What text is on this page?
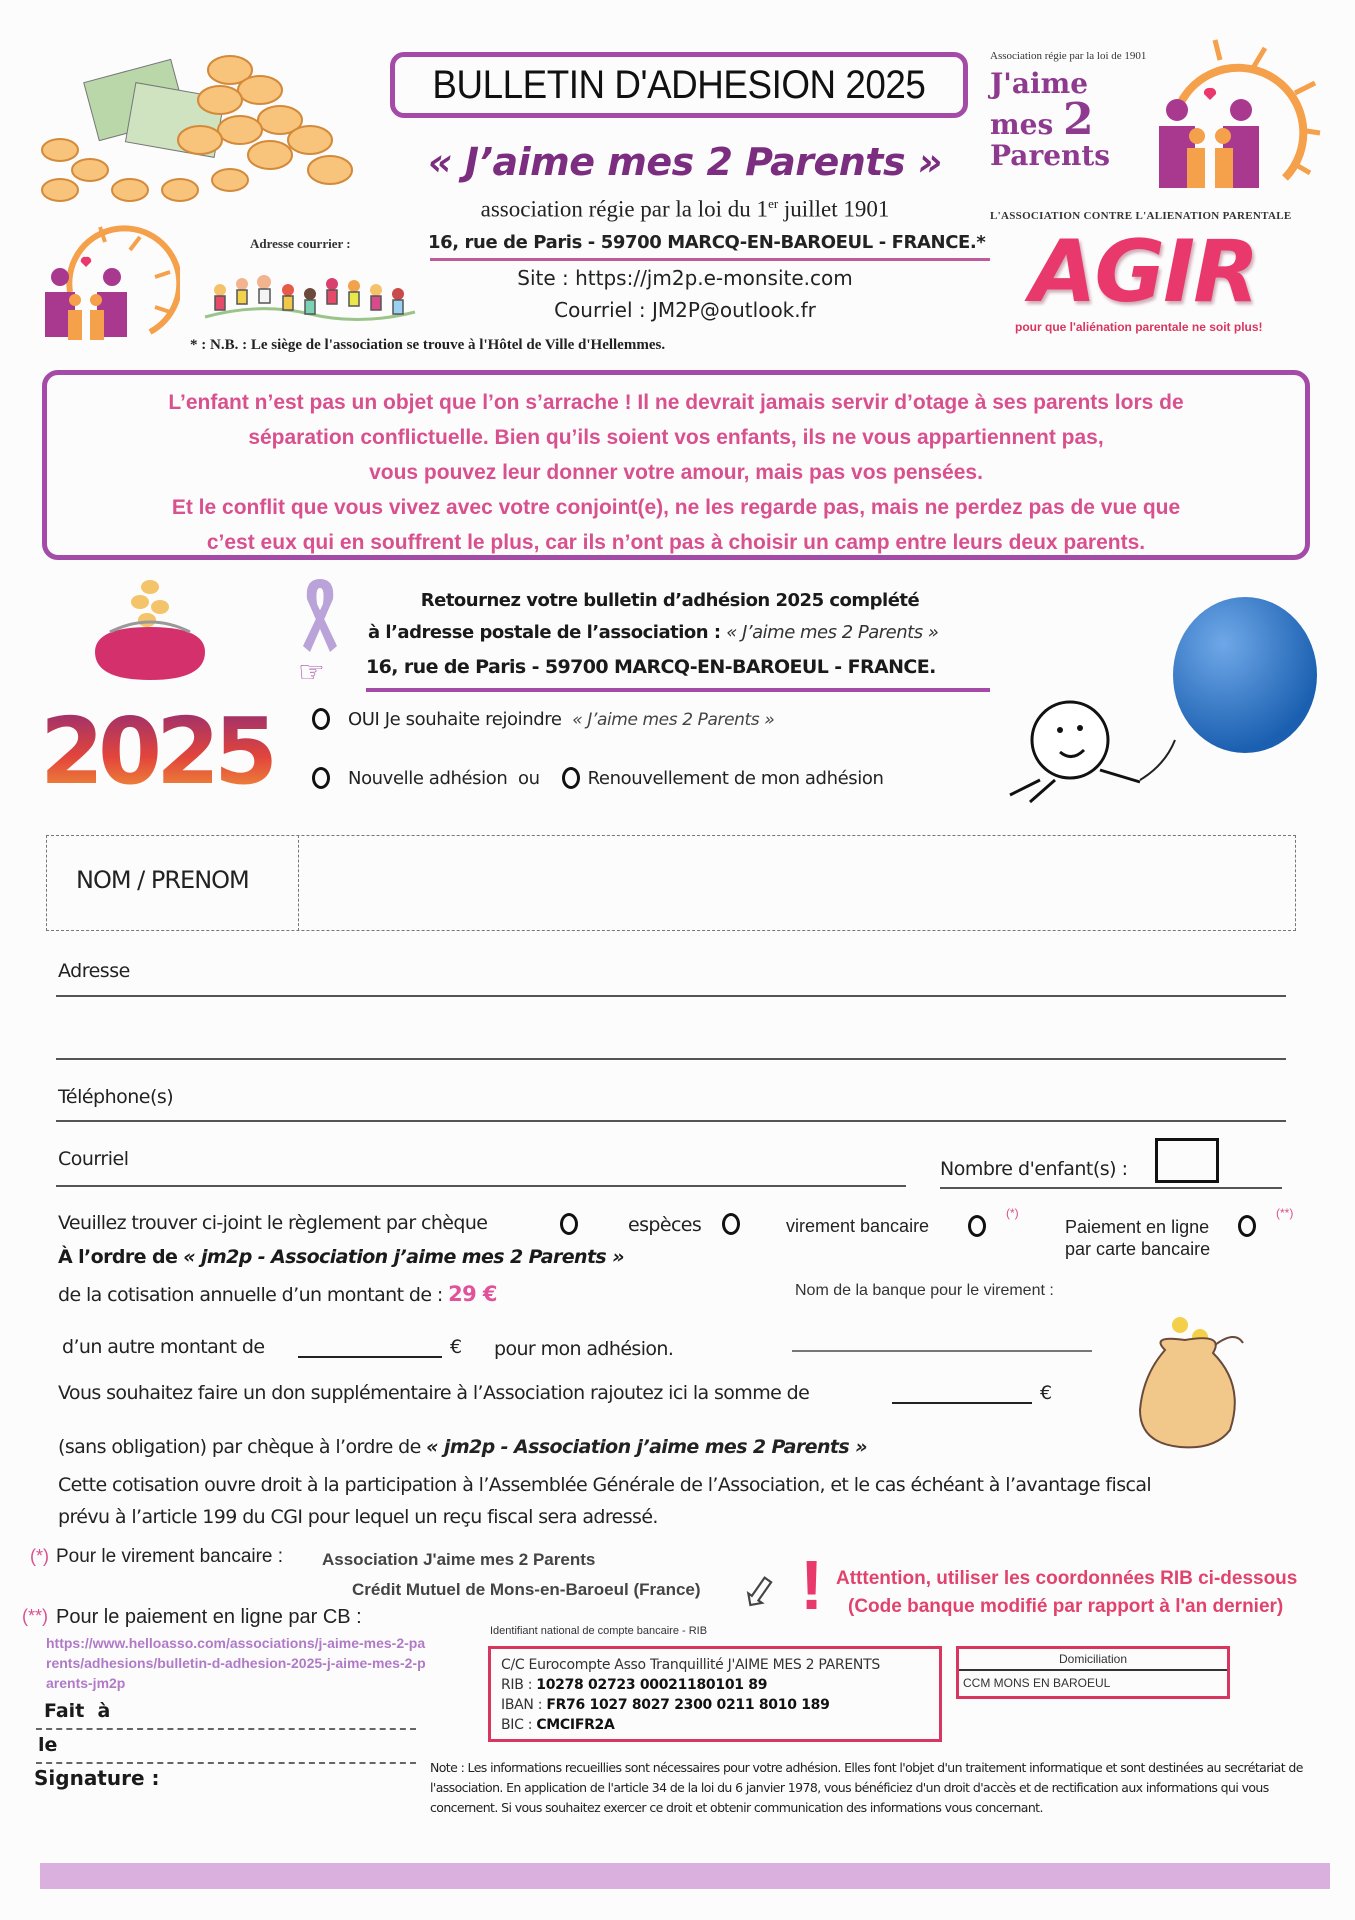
BULLETIN D'ADHESION 2025
« J’aime mes 2 Parents »
association régie par la loi du 1er juillet 1901
Adresse courrier :	16, rue de Paris - 59700 MARCQ-EN-BAROEUL - FRANCE.*
Site : https://jm2p.e-monsite.com
Courriel : JM2P@outlook.fr
* : N.B. : Le siège de l'association se trouve à l'Hôtel de Ville d'Hellemmes.
Association régie par la loi de 1901
J'aime
mes 2
Parents
L'ASSOCIATION CONTRE L'ALIENATION PARENTALE
AGIR
pour que l'aliénation parentale ne soit plus!

L’enfant n’est pas un objet que l’on s’arrache ! Il ne devrait jamais servir d’otage à ses parents lors de

séparation conflictuelle. Bien qu’ils soient vos enfants, ils ne vous appartiennent pas,

vous pouvez leur donner votre amour, mais pas vos pensées.

Et le conflit que vous vivez avec votre conjoint(e), ne les regarde pas, mais ne perdez pas de vue que

c’est eux qui en souffrent le plus, car ils n’ont pas à choisir un camp entre leurs deux parents.

Retournez votre bulletin d’adhésion 2025 complété
à l’adresse postale de l’association : « J’aime mes 2 Parents »
☞ 16, rue de Paris - 59700 MARCQ-EN-BAROEUL - FRANCE.
2025	OUI Je souhaite rejoindre « J’aime mes 2 Parents »
Nouvelle adhésion  ou	Renouvellement de mon adhésion
NOM / PRENOM
Adresse
Téléphone(s)
Courriel	Nombre d'enfant(s) :
Veuillez trouver ci-joint le règlement par chèque	espèces	virement bancaire
(*)
Paiement en ligne
par carte bancaire
(**)
À l’ordre de « jm2p - Association j’aime mes 2 Parents »
de la cotisation annuelle d’un montant de : 29 €	Nom de la banque pour le virement :
d’un autre montant de	€ pour mon adhésion.
Vous souhaitez faire un don supplémentaire à l’Association rajoutez ici la somme de	€
(sans obligation) par chèque à l’ordre de « jm2p - Association j’aime mes 2 Parents »
Cette cotisation ouvre droit à la participation à l’Assemblée Générale de l’Association, et le cas échéant à l’avantage fiscal
prévu à l’article 199 du CGI pour lequel un reçu fiscal sera adressé.
(*) Pour le virement bancaire : Association J'aime mes 2 Parents
Crédit Mutuel de Mons-en-Baroeul (France)
(**) Pour le paiement en ligne par CB :
https://www.helloasso.com/associations/j-aime-mes-2-parents/adhesions/bulletin-d-adhesion-2025-j-aime-mes-2-parents-jm2p
Fait  à
le
Signature :
⇩ ! Atttention, utiliser les coordonnées RIB ci-dessous
(Code banque modifié par rapport à l'an dernier)
Identifiant national de compte bancaire - RIB
C/C Eurocompte Asso Tranquillité J'AIME MES 2 PARENTS
RIB : 10278 02723 00021180101 89
IBAN : FR76 1027 8027 2300 0211 8010 189
BIC : CMCIFR2A
Domiciliation
CCM MONS EN BAROEUL
Note : Les informations recueillies sont nécessaires pour votre adhésion. Elles font l'objet d'un traitement informatique et sont destinées au secrétariat de l'association. En application de l'article 34 de la loi du 6 janvier 1978, vous bénéficiez d'un droit d'accès et de rectification aux informations qui vous concernent. Si vous souhaitez exercer ce droit et obtenir communication des informations vous concernant.
